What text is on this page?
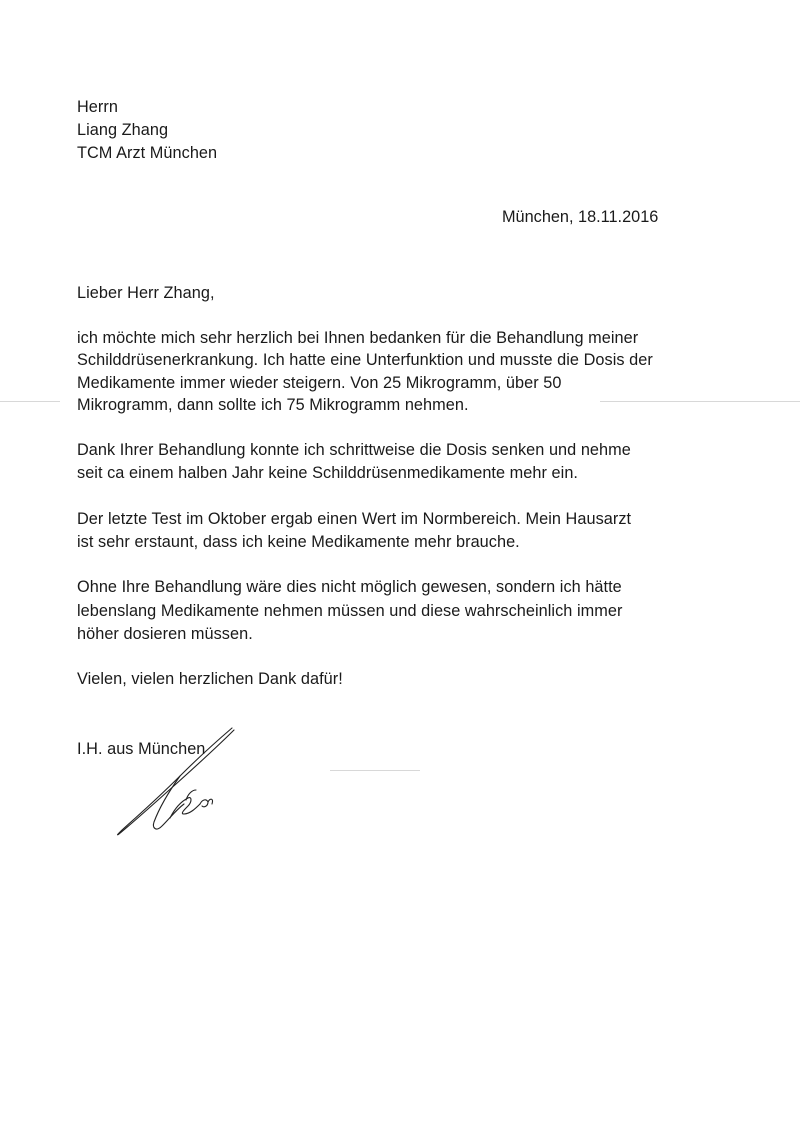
Herrn
Liang Zhang
TCM Arzt München
München, 18.11.2016
Lieber Herr Zhang,
ich möchte mich sehr herzlich bei Ihnen bedanken für die Behandlung meiner
Schilddrüsenerkrankung. Ich hatte eine Unterfunktion und musste die Dosis der
Medikamente immer wieder steigern. Von 25 Mikrogramm, über 50
Mikrogramm, dann sollte ich 75 Mikrogramm nehmen.
Dank Ihrer Behandlung konnte ich schrittweise die Dosis senken und nehme
seit ca einem halben Jahr keine Schilddrüsenmedikamente mehr ein.
Der letzte Test im Oktober ergab einen Wert im Normbereich. Mein Hausarzt
ist sehr erstaunt, dass ich keine Medikamente mehr brauche.
Ohne Ihre Behandlung wäre dies nicht möglich gewesen, sondern ich hätte
lebenslang Medikamente nehmen müssen und diese wahrscheinlich immer
höher dosieren müssen.
Vielen, vielen herzlichen Dank dafür!
I.H. aus München
